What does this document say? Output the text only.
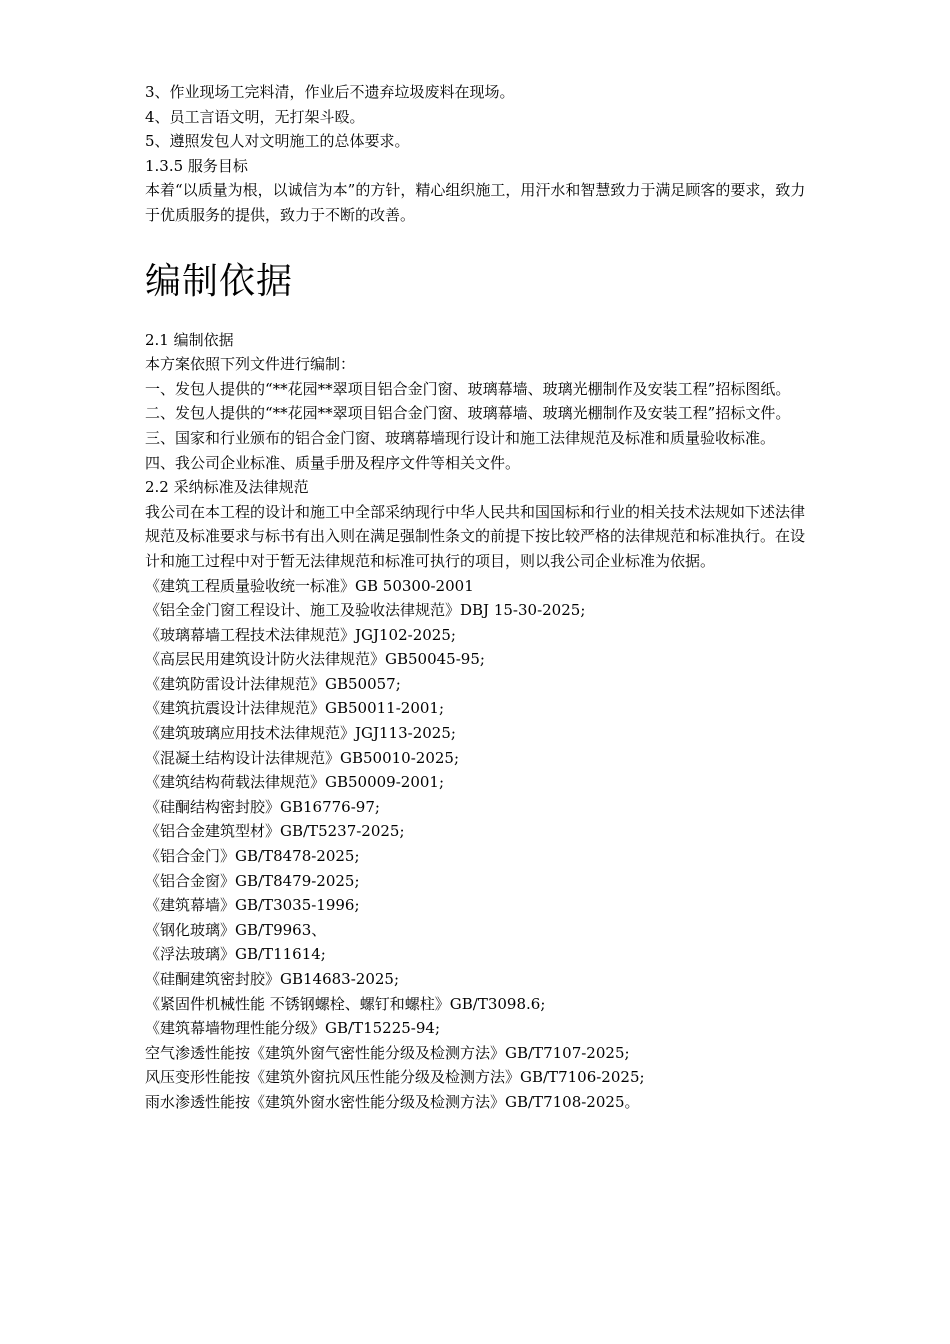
3、作业现场工完料清，作业后不遗弃垃圾废料在现场。

4、员工言语文明，无打架斗殴。

5、遵照发包人对文明施工的总体要求。

1.3.5 服务目标

本着“以质量为根，以诚信为本”的方针，精心组织施工，用汗水和智慧致力于满足顾客的要求，致力于优质服务的提供，致力于不断的改善。

编制依据

2.1 编制依据

本方案依照下列文件进行编制：

一、发包人提供的“**花园**翠项目铝合金门窗、玻璃幕墙、玻璃光棚制作及安装工程”招标图纸。

二、发包人提供的“**花园**翠项目铝合金门窗、玻璃幕墙、玻璃光棚制作及安装工程”招标文件。

三、国家和行业颁布的铝合金门窗、玻璃幕墙现行设计和施工法律规范及标准和质量验收标准。

四、我公司企业标准、质量手册及程序文件等相关文件。

2.2 采纳标准及法律规范

我公司在本工程的设计和施工中全部采纳现行中华人民共和国国标和行业的相关技术法规如下述法律规范及标准要求与标书有出入则在满足强制性条文的前提下按比较严格的法律规范和标准执行。在设计和施工过程中对于暂无法律规范和标准可执行的项目，则以我公司企业标准为依据。

《建筑工程质量验收统一标准》GB 50300-2001

《铝全金门窗工程设计、施工及验收法律规范》DBJ 15-30-2025;

《玻璃幕墙工程技术法律规范》JGJ102-2025;

《高层民用建筑设计防火法律规范》GB50045-95;

《建筑防雷设计法律规范》GB50057;

《建筑抗震设计法律规范》GB50011-2001;

《建筑玻璃应用技术法律规范》JGJ113-2025;

《混凝土结构设计法律规范》GB50010-2025;

《建筑结构荷载法律规范》GB50009-2001;

《硅酮结构密封胶》GB16776-97;

《铝合金建筑型材》GB/T5237-2025;

《铝合金门》GB/T8478-2025;

《铝合金窗》GB/T8479-2025;

《建筑幕墙》GB/T3035-1996;

《钢化玻璃》GB/T9963、

《浮法玻璃》GB/T11614;

《硅酮建筑密封胶》GB14683-2025;

《紧固件机械性能 不锈钢螺栓、螺钉和螺柱》GB/T3098.6;

《建筑幕墙物理性能分级》GB/T15225-94;

空气渗透性能按《建筑外窗气密性能分级及检测方法》GB/T7107-2025;

风压变形性能按《建筑外窗抗风压性能分级及检测方法》GB/T7106-2025;

雨水渗透性能按《建筑外窗水密性能分级及检测方法》GB/T7108-2025。
